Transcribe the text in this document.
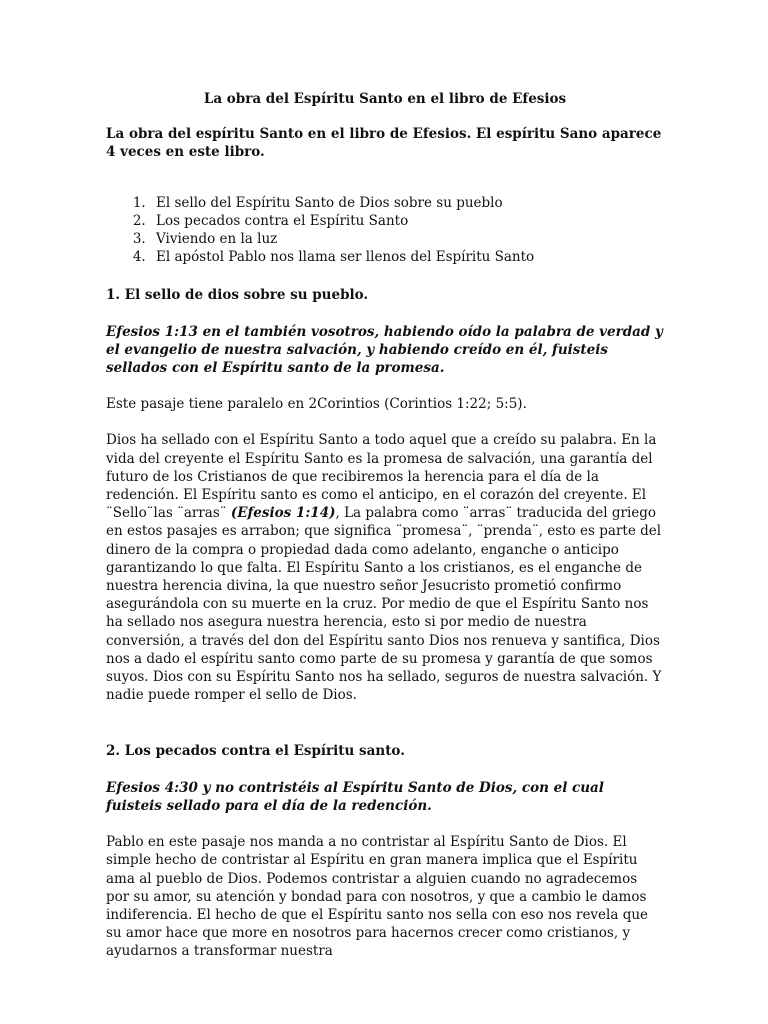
La obra del Espíritu Santo en el libro de Efesios
La obra del espíritu Santo en el libro de Efesios. El espíritu Sano aparece 4 veces en este libro.
1. El sello del Espíritu Santo de Dios sobre su pueblo
2. Los pecados contra el Espíritu Santo
3. Viviendo en la luz
4. El apóstol Pablo nos llama ser llenos del Espíritu Santo
1. El sello de dios sobre su pueblo.

Efesios 1:13 en el también vosotros, habiendo oído la palabra de verdad y el evangelio de nuestra salvación, y habiendo creído en él, fuisteis sellados con el Espíritu santo de la promesa.

Este pasaje tiene paralelo en 2Corintios (Corintios 1:22; 5:5).

Dios ha sellado con el Espíritu Santo a todo aquel que a creído su palabra. En la vida del creyente el Espíritu Santo es la promesa de salvación, una garantía del futuro de los Cristianos de que recibiremos la herencia para el día de la redención. El Espíritu santo es como el anticipo, en el corazón del creyente. El ¨Sello¨las ¨arras¨ (Efesios 1:14), La palabra como ¨arras¨ traducida del griego en estos pasajes es arrabon; que significa ¨promesa¨, ¨prenda¨, esto es parte del dinero de la compra o propiedad dada como adelanto, enganche o anticipo garantizando lo que falta. El Espíritu Santo a los cristianos, es el enganche de nuestra herencia divina, la que nuestro señor Jesucristo prometió confirmo asegurándola con su muerte en la cruz. Por medio de que el Espíritu Santo nos ha sellado nos asegura nuestra herencia, esto si por medio de nuestra conversión, a través del don del Espíritu santo Dios nos renueva y santifica, Dios nos a dado el espíritu santo como parte de su promesa y garantía de que somos suyos. Dios con su Espíritu Santo nos ha sellado, seguros de nuestra salvación. Y nadie puede romper el sello de Dios.

2. Los pecados contra el Espíritu santo.

Efesios 4:30 y no contristéis al Espíritu Santo de Dios, con el cual fuisteis sellado para el día de la redención.

Pablo en este pasaje nos manda a no contristar al Espíritu Santo de Dios. El simple hecho de contristar al Espíritu en gran manera implica que el Espíritu ama al pueblo de Dios. Podemos contristar a alguien cuando no agradecemos por su amor, su atención y bondad para con nosotros, y que a cambio le damos indiferencia. El hecho de que el Espíritu santo nos sella con eso nos revela que su amor hace que more en nosotros para hacernos crecer como cristianos, y ayudarnos a transformar nuestra
